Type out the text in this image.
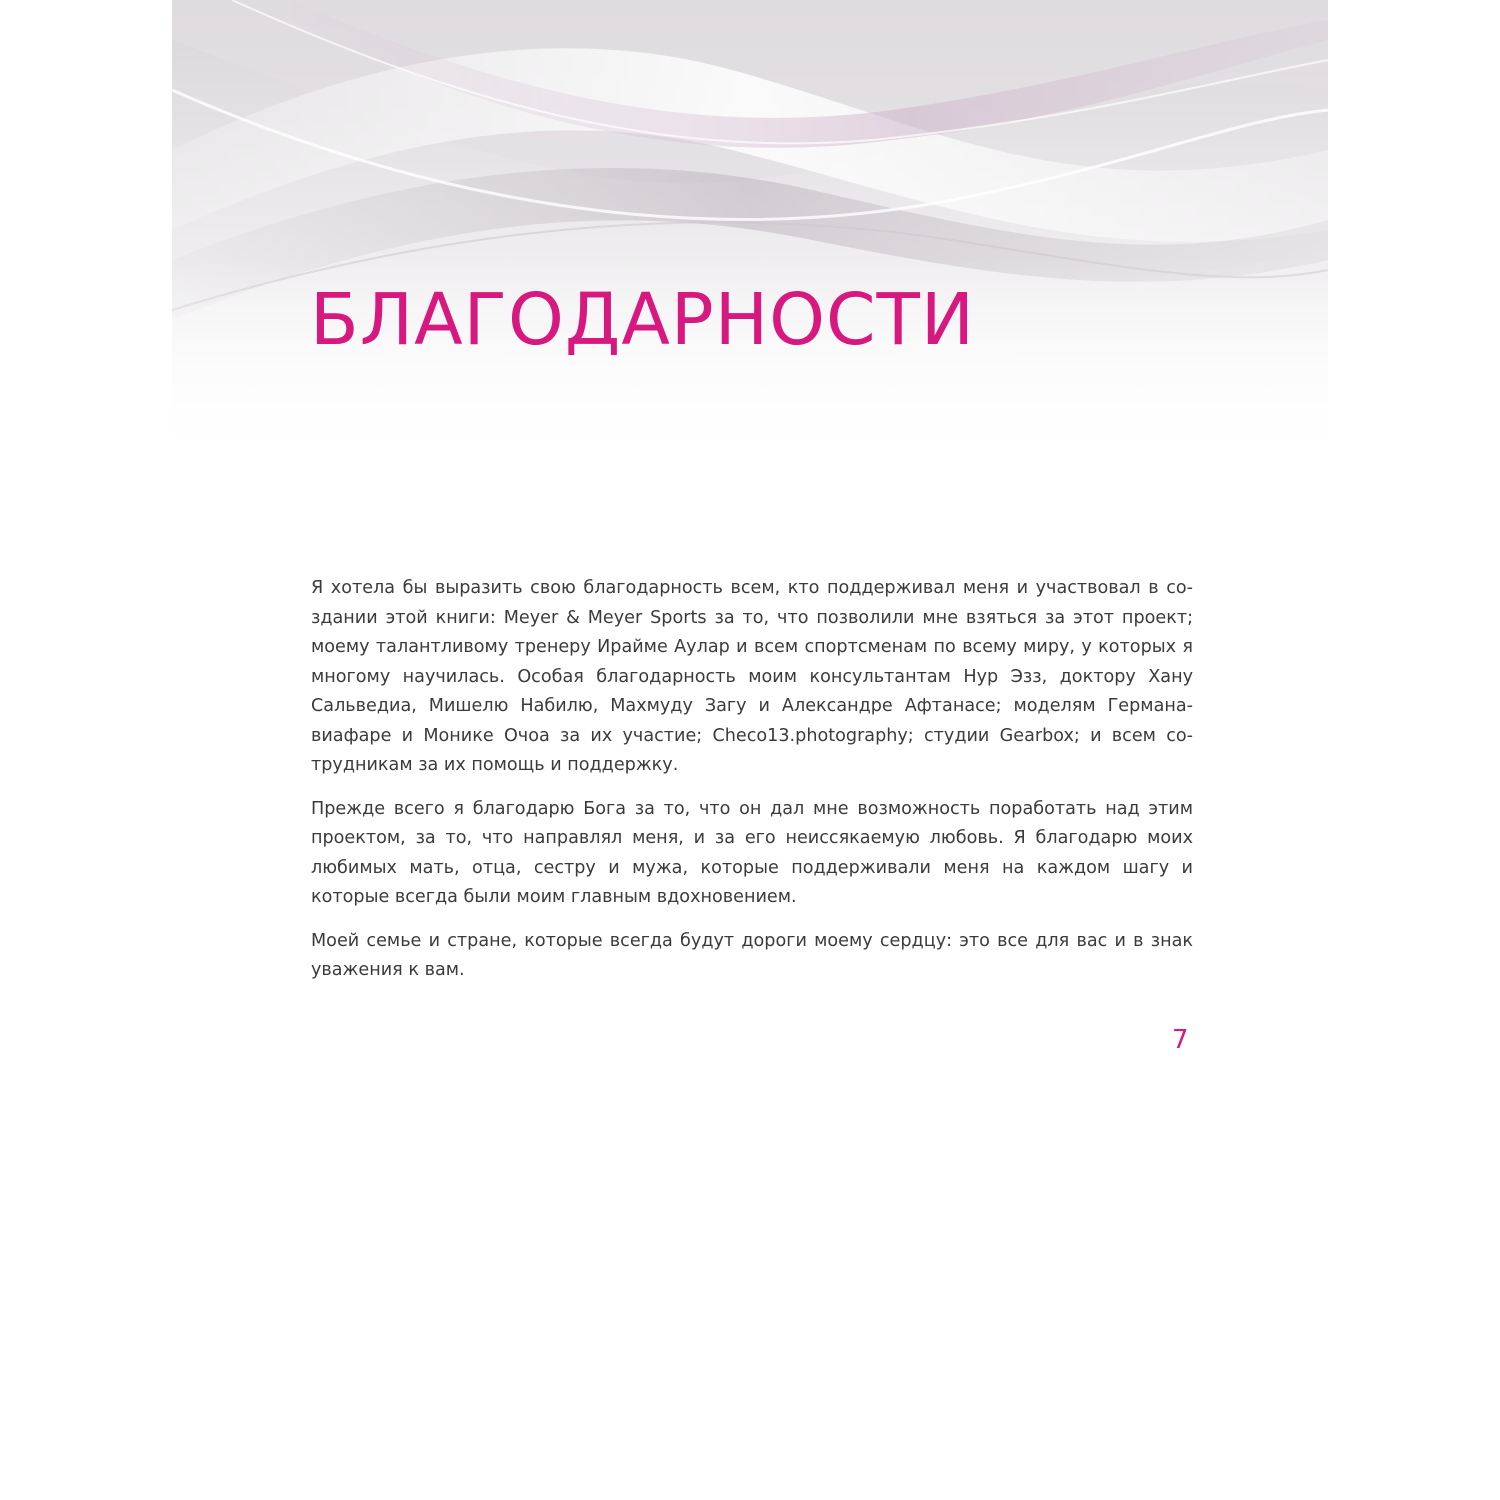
БЛАГОДАРНОСТИ

Я хотела бы выразить свою благодарность всем, кто поддерживал меня и участвовал в создании этой книги: Meyer & Meyer Sports за то, что позволили мне взяться за этот проект; моему талантливому тренеру Ирайме Аулар и всем спортсменам по всему миру, у которых я многому научилась. Особая благодарность моим консультантам Нур Эзз, доктору Хану Сальведиа, Мишелю Набилю, Махмуду Загу и Александре Афтанасе; моделям Германавиафаре и Монике Очоа за их участие; Checo13.photography; студии Gearbox; и всем сотрудникам за их помощь и поддержку.

Прежде всего я благодарю Бога за то, что он дал мне возможность поработать над этим проектом, за то, что направлял меня, и за его неиссякаемую любовь. Я благодарю моих любимых мать, отца, сестру и мужа, которые поддерживали меня на каждом шагу и которые всегда были моим главным вдохновением.

Моей семье и стране, которые всегда будут дороги моему сердцу: это все для вас и в знак уважения к вам.

7
